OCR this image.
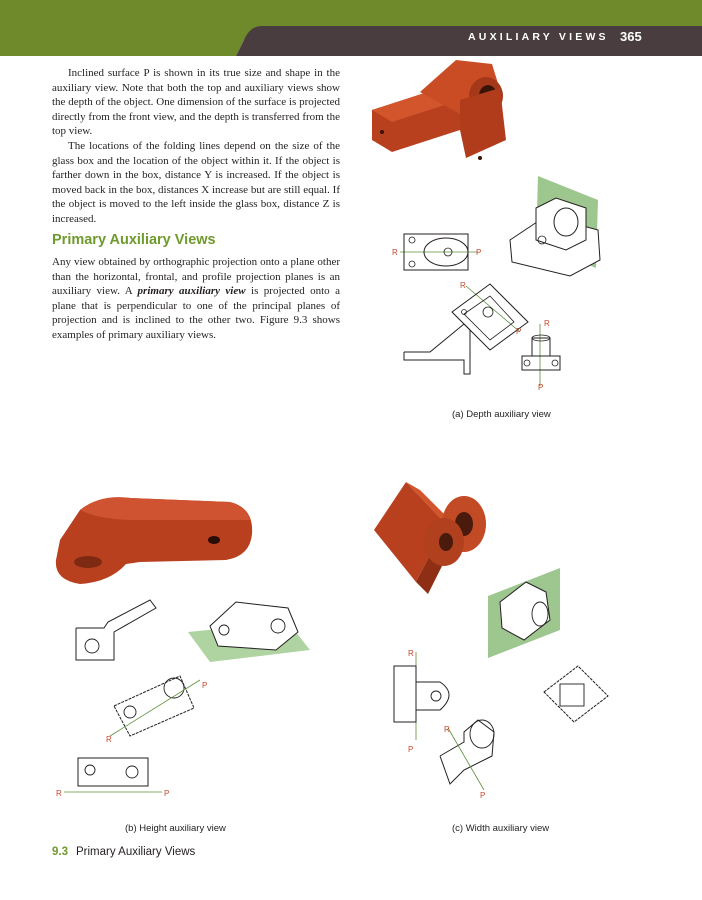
AUXILIARY VIEWS 365

Inclined surface P is shown in its true size and shape in the auxiliary view. Note that both the top and auxiliary views show the depth of the object. One dimension of the surface is projected directly from the front view, and the depth is transferred from the top view.

The locations of the folding lines depend on the size of the glass box and the location of the object within it. If the object is farther down in the box, distance Y is increased. If the object is moved back in the box, distances X increase but are still equal. If the object is moved to the left inside the glass box, distance Z is increased.

Primary Auxiliary Views

Any view obtained by orthographic projection onto a plane other than the horizontal, frontal, and profile projection planes is an auxiliary view. A primary auxiliary view is projected onto a plane that is perpendicular to one of the principal planes of projection and is inclined to the other two. Figure 9.3 shows examples of primary auxiliary views.

R	P
R
P
R
P
(a) Depth auxiliary view
P
R
R	P
(b) Height auxiliary view
R
P
R
P
(c) Width auxiliary view
9.3 Primary Auxiliary Views
